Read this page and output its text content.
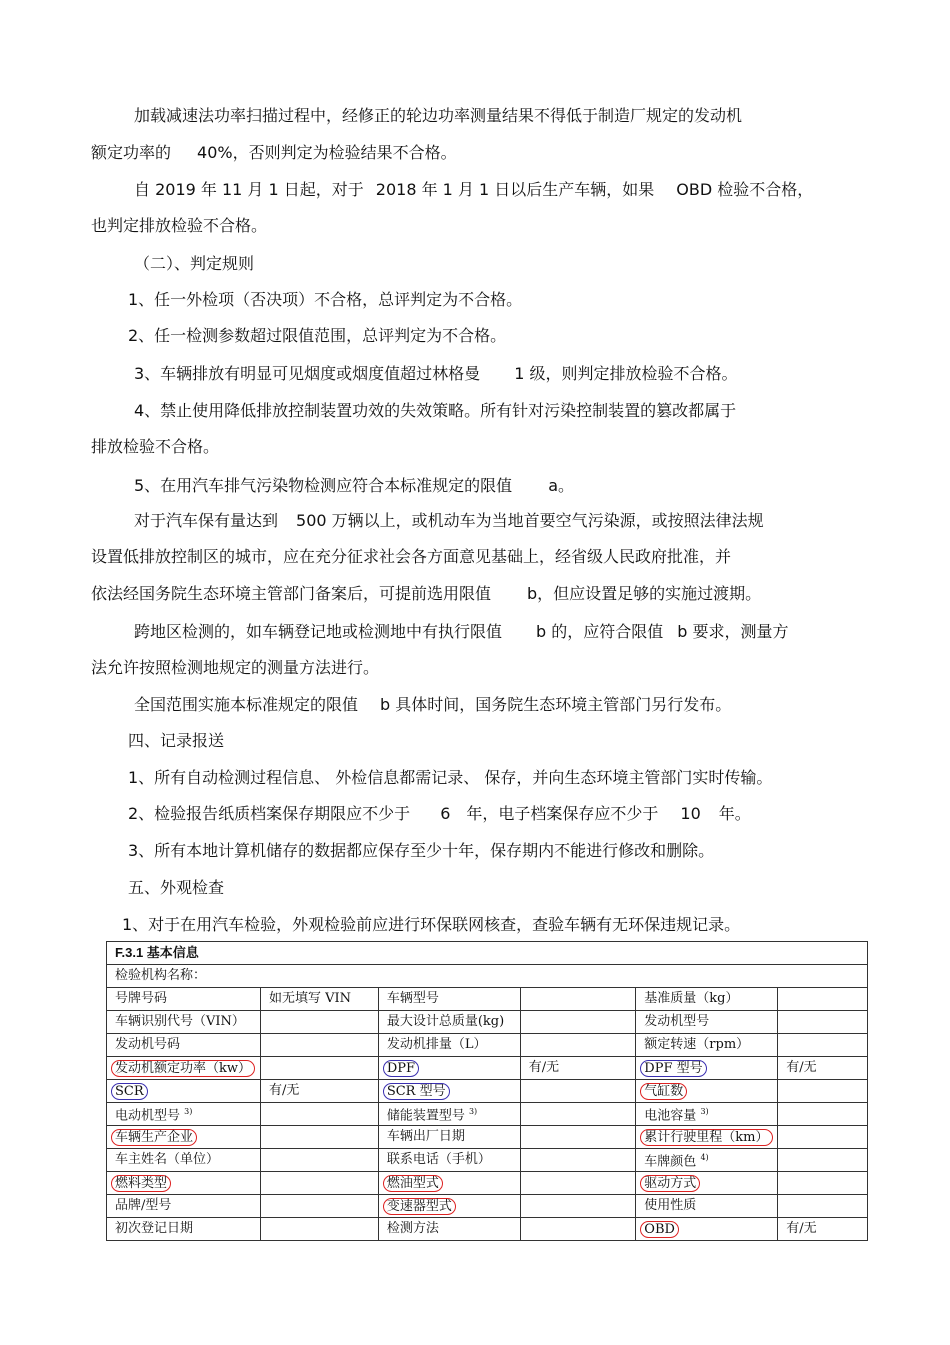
加载减速法功率扫描过程中，经修正的轮边功率测量结果不得低于制造厂规定的发动机
额定功率的 40%，否则判定为检验结果不合格。
自 2019 年 11 月 1 日起，对于 2018 年 1 月 1 日以后生产车辆，如果 OBD 检验不合格，
也判定排放检验不合格。
（二）、判定规则
1、任一外检项（否决项）不合格，总评判定为不合格。
2、任一检测参数超过限值范围，总评判定为不合格。
3、车辆排放有明显可见烟度或烟度值超过林格曼 1 级，则判定排放检验不合格。
4、禁止使用降低排放控制装置功效的失效策略。所有针对污染控制装置的篡改都属于
排放检验不合格。
5、在用汽车排气污染物检测应符合本标准规定的限值 a。
对于汽车保有量达到 500 万辆以上，或机动车为当地首要空气污染源，或按照法律法规
设置低排放控制区的城市，应在充分征求社会各方面意见基础上，经省级人民政府批准，并
依法经国务院生态环境主管部门备案后，可提前选用限值 b，但应设置足够的实施过渡期。
跨地区检测的，如车辆登记地或检测地中有执行限值 b 的，应符合限值 b 要求，测量方
法允许按照检测地规定的测量方法进行。
全国范围实施本标准规定的限值 b 具体时间，国务院生态环境主管部门另行发布。
四、记录报送
1、所有自动检测过程信息、 外检信息都需记录、 保存，并向生态环境主管部门实时传输。
2、检验报告纸质档案保存期限应不少于 6 年，电子档案保存应不少于 10 年。
3、所有本地计算机储存的数据都应保存至少十年，保存期内不能进行修改和删除。
五、外观检查
1、对于在用汽车检验，外观检验前应进行环保联网核查，查验车辆有无环保违规记录。
F.3.1 基本信息					
检验机构名称：					
号牌号码	如无填写 VIN	车辆型号		基准质量（kg）	
车辆识别代号（VIN）		最大设计总质量(kg)		发动机型号	
发动机号码		发动机排量（L）		额定转速（rpm）	
发动机额定功率（kw）		DPF	有/无	DPF 型号	有/无
SCR	有/无	SCR 型号		气缸数	
电动机型号 $^{3)}$		储能装置型号 $^{3)}$		电池容量 $^{3)}$	
车辆生产企业		车辆出厂日期		累计行驶里程（km）	
车主姓名（单位）		联系电话（手机）		车牌颜色 $^{4)}$	
燃料类型		燃油型式		驱动方式	
品牌/型号		变速器型式		使用性质	
初次登记日期		检测方法		OBD	有/无
